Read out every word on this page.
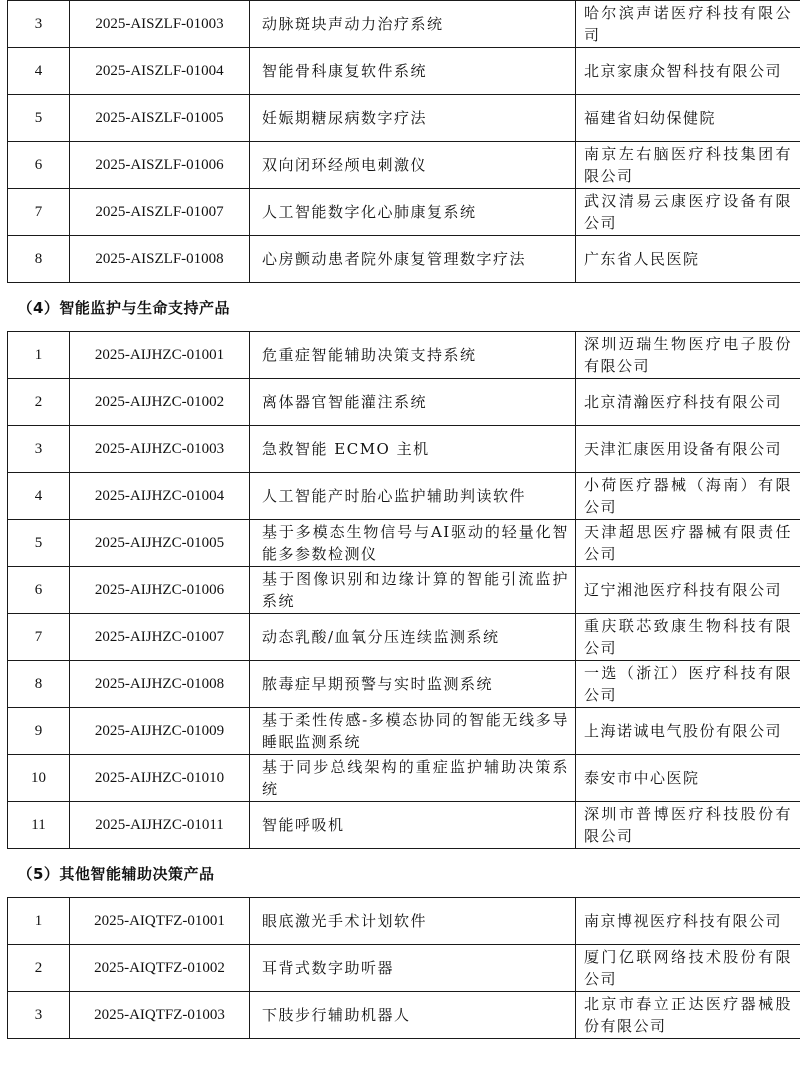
3	2025-AISZLF-01003	动脉斑块声动力治疗系统	哈尔滨声诺医疗科技有限公司
4	2025-AISZLF-01004	智能骨科康复软件系统	北京家康众智科技有限公司
5	2025-AISZLF-01005	妊娠期糖尿病数字疗法	福建省妇幼保健院
6	2025-AISZLF-01006	双向闭环经颅电刺激仪	南京左右脑医疗科技集团有限公司
7	2025-AISZLF-01007	人工智能数字化心肺康复系统	武汉清易云康医疗设备有限公司
8	2025-AISZLF-01008	心房颤动患者院外康复管理数字疗法	广东省人民医院
（4）智能监护与生命支持产品			
1	2025-AIJHZC-01001	危重症智能辅助决策支持系统	深圳迈瑞生物医疗电子股份有限公司
2	2025-AIJHZC-01002	离体器官智能灌注系统	北京清瀚医疗科技有限公司
3	2025-AIJHZC-01003	急救智能 ECMO 主机	天津汇康医用设备有限公司
4	2025-AIJHZC-01004	人工智能产时胎心监护辅助判读软件	小荷医疗器械（海南）有限公司
5	2025-AIJHZC-01005	基于多模态生物信号与AI驱动的轻量化智能多参数检测仪	天津超思医疗器械有限责任公司
6	2025-AIJHZC-01006	基于图像识别和边缘计算的智能引流监护系统	辽宁湘池医疗科技有限公司
7	2025-AIJHZC-01007	动态乳酸/血氧分压连续监测系统	重庆联芯致康生物科技有限公司
8	2025-AIJHZC-01008	脓毒症早期预警与实时监测系统	一选（浙江）医疗科技有限公司
9	2025-AIJHZC-01009	基于柔性传感-多模态协同的智能无线多导睡眠监测系统	上海诺诚电气股份有限公司
10	2025-AIJHZC-01010	基于同步总线架构的重症监护辅助决策系统	泰安市中心医院
11	2025-AIJHZC-01011	智能呼吸机	深圳市普博医疗科技股份有限公司
（5）其他智能辅助决策产品			
1	2025-AIQTFZ-01001	眼底激光手术计划软件	南京博视医疗科技有限公司
2	2025-AIQTFZ-01002	耳背式数字助听器	厦门亿联网络技术股份有限公司
3	2025-AIQTFZ-01003	下肢步行辅助机器人	北京市春立正达医疗器械股份有限公司
